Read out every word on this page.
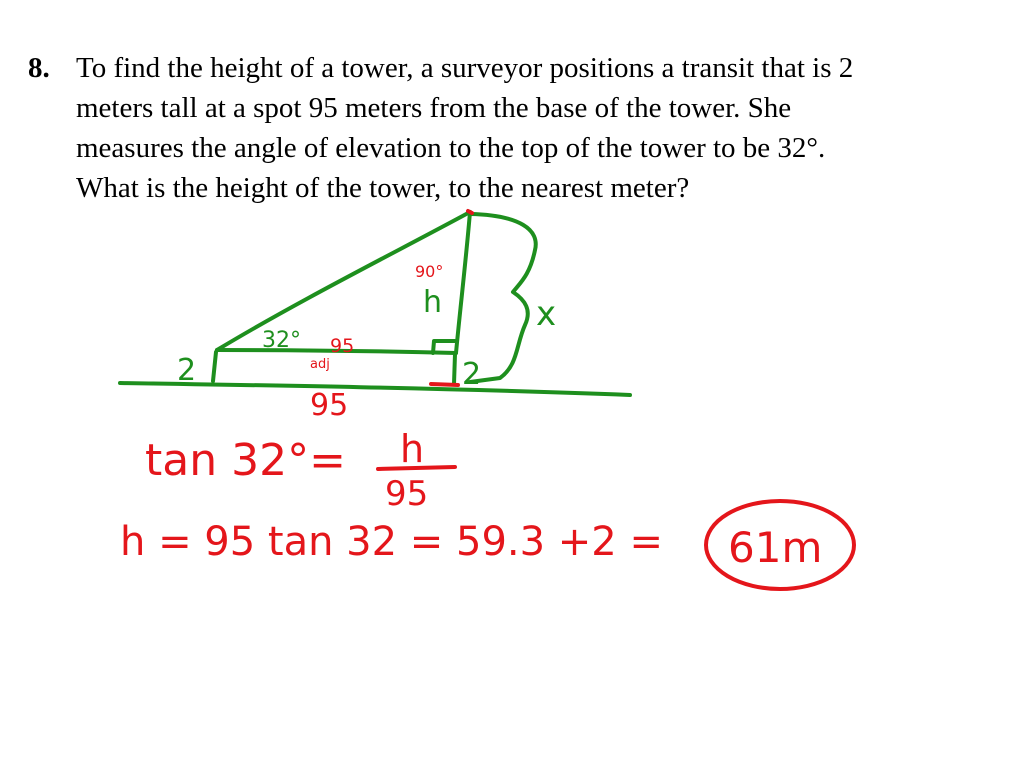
8. To find the height of a tower, a surveyor positions a transit that is 2
meters tall at a spot 95 meters from the base of the tower. She
measures the angle of elevation to the top of the tower to be 32°.
What is the height of the tower, to the nearest meter?
x
2	2
h
32°
90°
95
adj
95
tan 32°= h
95
h = 95 tan 32 = 59.3 +2 = 61m
